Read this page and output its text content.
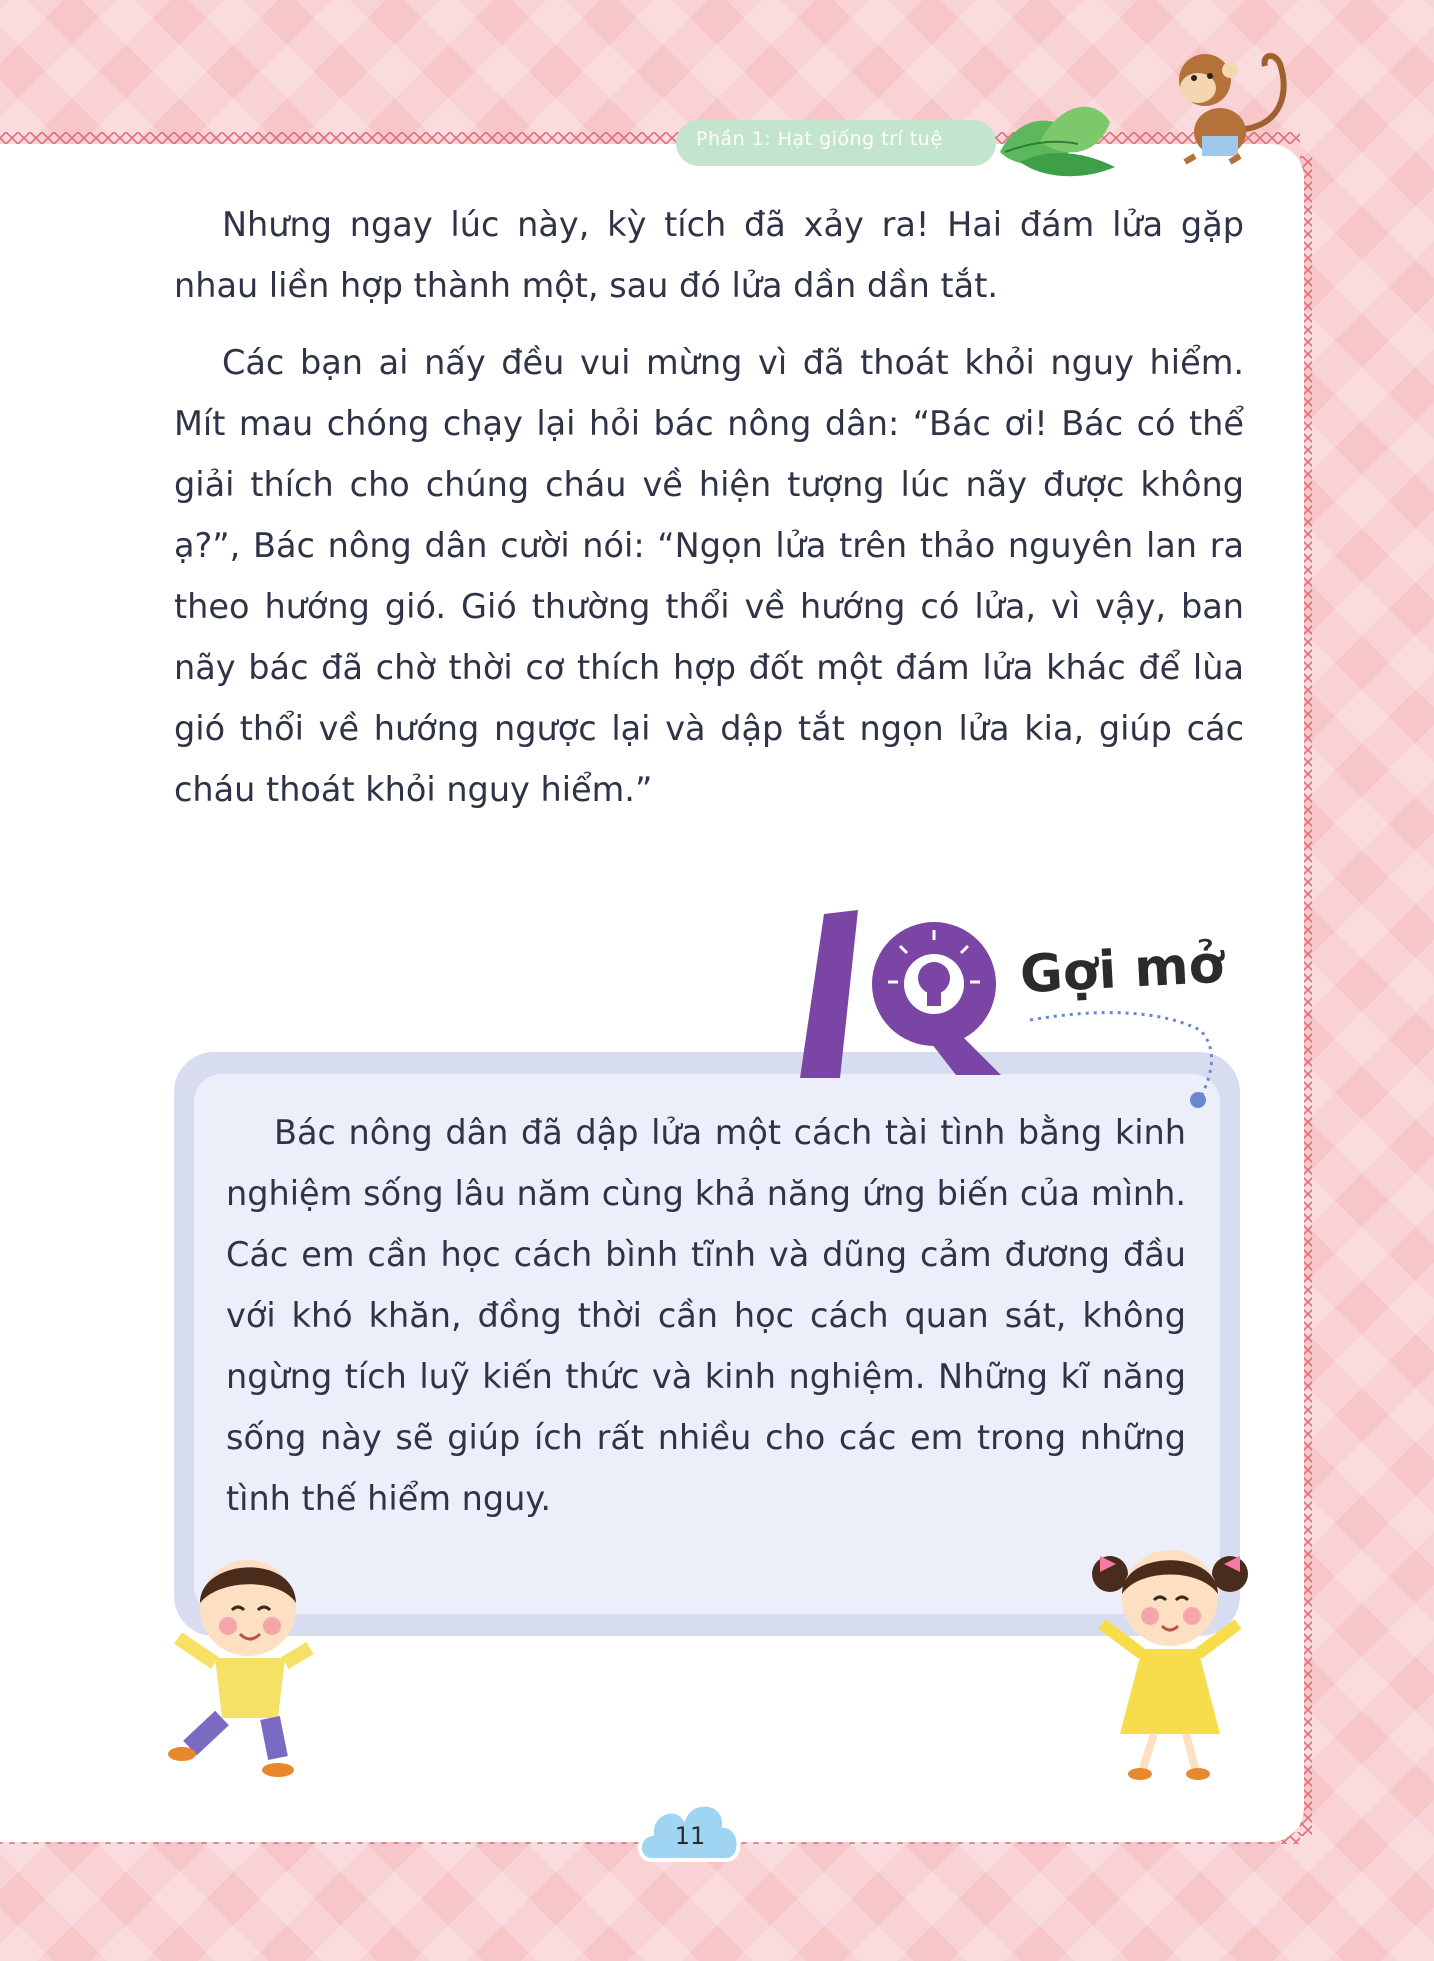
Phần 1: Hạt giống trí tuệ

Nhưng ngay lúc này, kỳ tích đã xảy ra! Hai đám lửa gặp nhau liền hợp thành một, sau đó lửa dần dần tắt.

Các bạn ai nấy đều vui mừng vì đã thoát khỏi nguy hiểm. Mít mau chóng chạy lại hỏi bác nông dân: “Bác ơi! Bác có thể giải thích cho chúng cháu về hiện tượng lúc nãy được không ạ?”, Bác nông dân cười nói: “Ngọn lửa trên thảo nguyên lan ra theo hướng gió. Gió thường thổi về hướng có lửa, vì vậy, ban nãy bác đã chờ thời cơ thích hợp đốt một đám lửa khác để lùa gió thổi về hướng ngược lại và dập tắt ngọn lửa kia, giúp các cháu thoát khỏi nguy hiểm.”

Bác nông dân đã dập lửa một cách tài tình bằng kinh nghiệm sống lâu năm cùng khả năng ứng biến của mình. Các em cần học cách bình tĩnh và dũng cảm đương đầu với khó khăn, đồng thời cần học cách quan sát, không ngừng tích luỹ kiến thức và kinh nghiệm. Những kĩ năng sống này sẽ giúp ích rất nhiều cho các em trong những tình thế hiểm nguy.

Gợi mở
11
